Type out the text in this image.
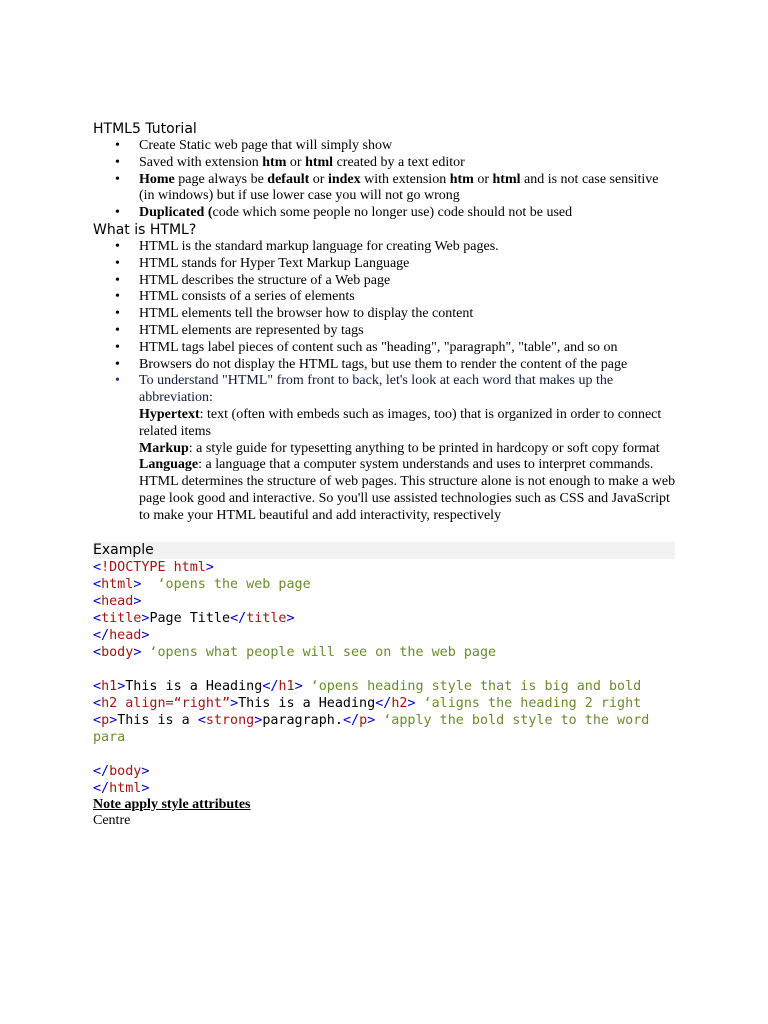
HTML5 Tutorial

• Create Static web page that will simply show
• Saved with extension htm or html created by a text editor
• Home page always be default or index with extension htm or html and is not case sensitive (in windows) but if use lower case you will not go wrong
• Duplicated (code which some people no longer use) code should not be used

What is HTML?

• HTML is the standard markup language for creating Web pages.
• HTML stands for Hyper Text Markup Language
• HTML describes the structure of a Web page
• HTML consists of a series of elements
• HTML elements tell the browser how to display the content
• HTML elements are represented by tags
• HTML tags label pieces of content such as "heading", "paragraph", "table", and so on
• Browsers do not display the HTML tags, but use them to render the content of the page
• To understand "HTML" from front to back, let's look at each word that makes up the abbreviation:

Hypertext: text (often with embeds such as images, too) that is organized in order to connect related items

Markup: a style guide for typesetting anything to be printed in hardcopy or soft copy format

Language: a language that a computer system understands and uses to interpret commands.

HTML determines the structure of web pages. This structure alone is not enough to make a web page look good and interactive. So you'll use assisted technologies such as CSS and JavaScript to make your HTML beautiful and add interactivity, respectively

Example

<!DOCTYPE html>

<html>  ‘opens the web page

<head>

<title>Page Title</title>

</head>

<body> ‘opens what people will see on the web page

<h1>This is a Heading</h1> ‘opens heading style that is big and bold

<h2 align=“right”>This is a Heading</h2> ‘aligns the heading 2 right

<p>This is a <strong>paragraph.</p> ‘apply the bold style to the word para

</body>

</html>

Note apply style attributes

Centre
